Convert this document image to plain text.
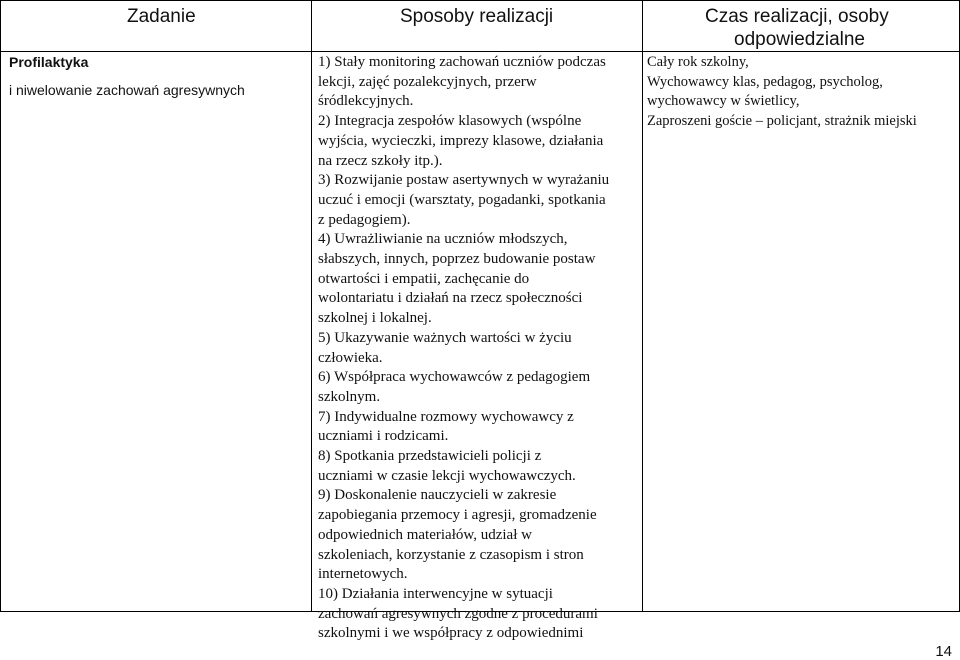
Zadanie	Sposoby realizacji	Czas realizacji, osoby
odpowiedzialne
Profilaktyka
i niwelowanie zachowań agresywnych
1) Stały monitoring zachowań uczniów podczas
lekcji, zajęć pozalekcyjnych, przerw
śródlekcyjnych.
2) Integracja zespołów klasowych (wspólne
wyjścia, wycieczki, imprezy klasowe, działania
na rzecz szkoły itp.).
3) Rozwijanie postaw asertywnych w wyrażaniu
uczuć i emocji (warsztaty, pogadanki, spotkania
z pedagogiem).
4) Uwrażliwianie na uczniów młodszych,
słabszych, innych, poprzez budowanie postaw
otwartości i empatii, zachęcanie do
wolontariatu i działań na rzecz społeczności
szkolnej i lokalnej.
5) Ukazywanie ważnych wartości w życiu
człowieka.
6) Współpraca wychowawców z pedagogiem
szkolnym.
7) Indywidualne rozmowy wychowawcy z
uczniami i rodzicami.
8) Spotkania przedstawicieli policji z
uczniami w czasie lekcji wychowawczych.
9) Doskonalenie nauczycieli w zakresie
zapobiegania przemocy i agresji, gromadzenie
odpowiednich materiałów, udział w
szkoleniach, korzystanie z czasopism i stron
internetowych.
10) Działania interwencyjne w sytuacji
zachowań agresywnych zgodne z procedurami
szkolnymi i we współpracy z odpowiednimi
Cały rok szkolny,
Wychowawcy klas, pedagog, psycholog,
wychowawcy w świetlicy,
Zaproszeni goście – policjant, strażnik miejski
14
